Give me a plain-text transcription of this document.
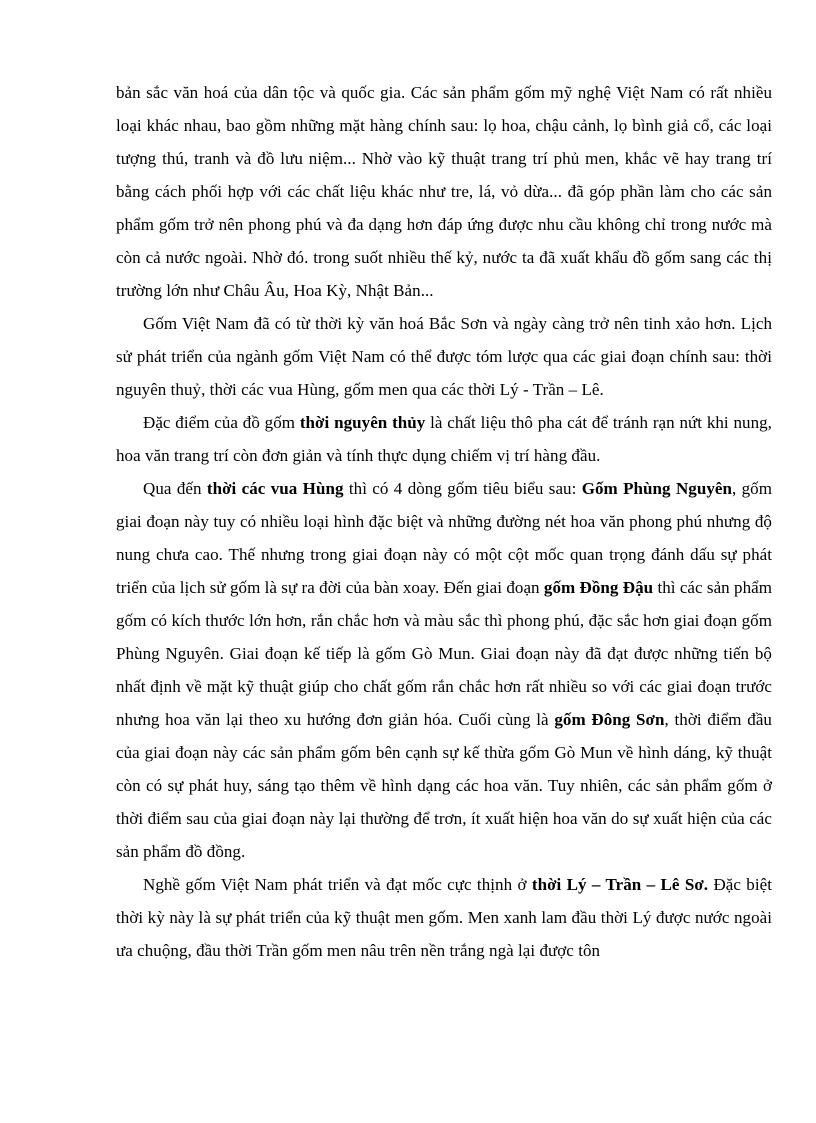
bản sắc văn hoá của dân tộc và quốc gia. Các sản phẩm gốm mỹ nghệ Việt Nam có rất nhiều loại khác nhau, bao gồm những mặt hàng chính sau: lọ hoa, chậu cảnh, lọ bình giả cổ, các loại tượng thú, tranh và đồ lưu niệm... Nhờ vào kỹ thuật trang trí phủ men, khắc vẽ hay trang trí bằng cách phối hợp với các chất liệu khác như tre, lá, vỏ dừa... đã góp phần làm cho các sản phẩm gốm trở nên phong phú và đa dạng hơn đáp ứng được nhu cầu không chỉ trong nước mà còn cả nước ngoài. Nhờ đó. trong suốt nhiều thế kỷ, nước ta đã xuất khẩu đồ gốm sang các thị trường lớn như Châu Âu, Hoa Kỳ, Nhật Bản...

Gốm Việt Nam đã có từ thời kỳ văn hoá Bắc Sơn và ngày càng trở nên tinh xảo hơn. Lịch sử phát triển của ngành gốm Việt Nam có thể được tóm lược qua các giai đoạn chính sau: thời nguyên thuỷ, thời các vua Hùng, gốm men qua các thời Lý - Trần – Lê.

Đặc điểm của đồ gốm thời nguyên thủy là chất liệu thô pha cát để tránh rạn nứt khi nung, hoa văn trang trí còn đơn giản và tính thực dụng chiếm vị trí hàng đầu.

Qua đến thời các vua Hùng thì có 4 dòng gốm tiêu biểu sau: Gốm Phùng Nguyên, gốm giai đoạn này tuy có nhiều loại hình đặc biệt và những đường nét hoa văn phong phú nhưng độ nung chưa cao. Thế nhưng trong giai đoạn này có một cột mốc quan trọng đánh dấu sự phát triển của lịch sử gốm là sự ra đời của bàn xoay. Đến giai đoạn gốm Đồng Đậu thì các sản phẩm gốm có kích thước lớn hơn, rắn chắc hơn và màu sắc thì phong phú, đặc sắc hơn giai đoạn gốm Phùng Nguyên. Giai đoạn kế tiếp là gốm Gò Mun. Giai đoạn này đã đạt được những tiến bộ nhất định về mặt kỹ thuật giúp cho chất gốm rắn chắc hơn rất nhiều so với các giai đoạn trước nhưng hoa văn lại theo xu hướng đơn giản hóa. Cuối cùng là gốm Đông Sơn, thời điểm đầu của giai đoạn này các sản phẩm gốm bên cạnh sự kế thừa gốm Gò Mun về hình dáng, kỹ thuật còn có sự phát huy, sáng tạo thêm về hình dạng các hoa văn. Tuy nhiên, các sản phẩm gốm ở thời điểm sau của giai đoạn này lại thường để trơn, ít xuất hiện hoa văn do sự xuất hiện của các sản phẩm đồ đồng.

Nghề gốm Việt Nam phát triển và đạt mốc cực thịnh ở thời Lý – Trần – Lê Sơ. Đặc biệt thời kỳ này là sự phát triển của kỹ thuật men gốm. Men xanh lam đầu thời Lý được nước ngoài ưa chuộng, đầu thời Trần gốm men nâu trên nền trắng ngà lại được tôn
